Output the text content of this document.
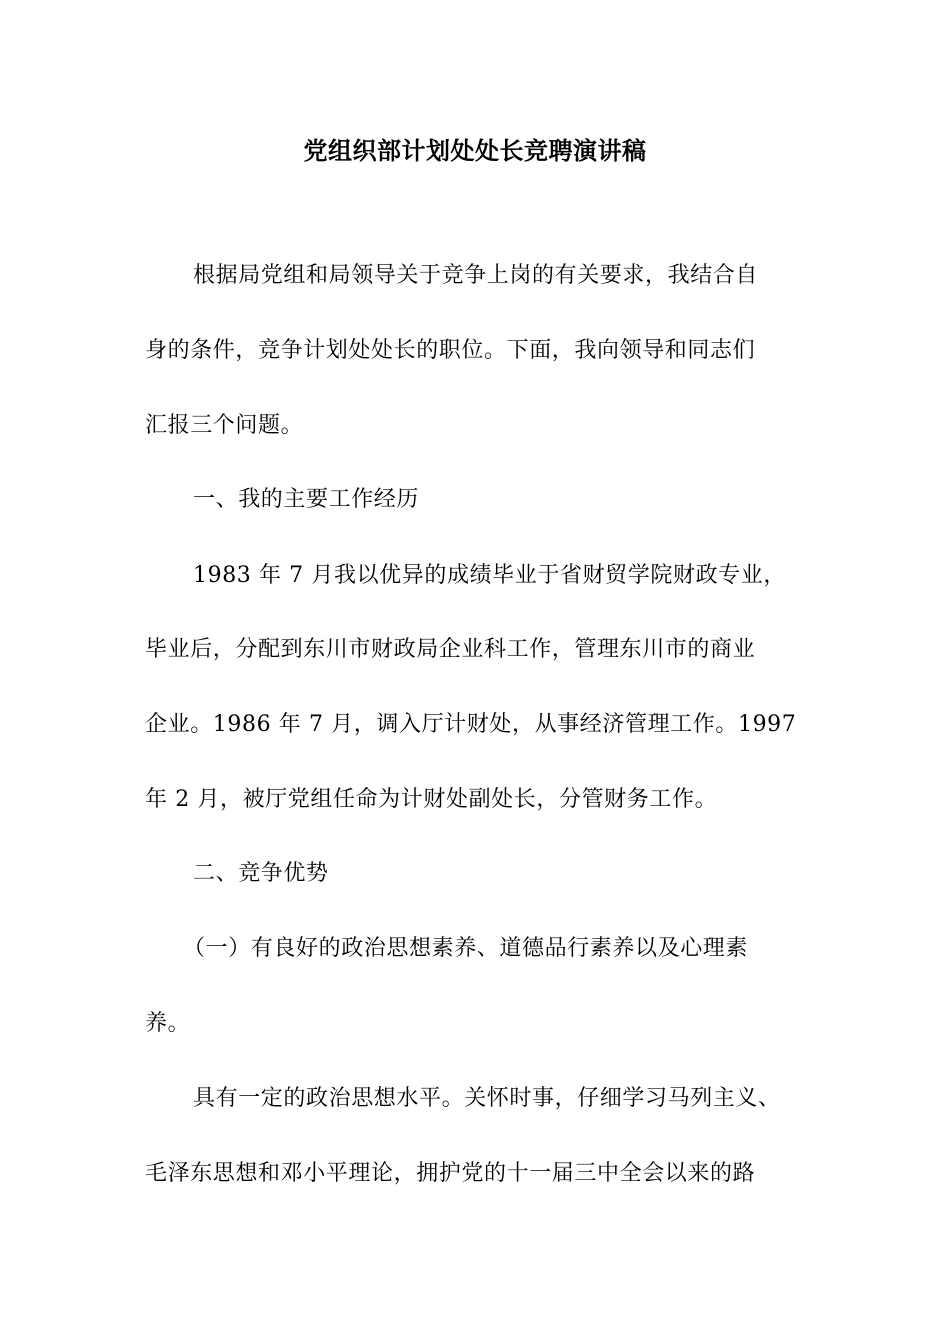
党组织部计划处处长竞聘演讲稿
根据局党组和局领导关于竞争上岗的有关要求，我结合自
身的条件，竞争计划处处长的职位。下面，我向领导和同志们
汇报三个问题。
一、我的主要工作经历
1983 年 7 月我以优异的成绩毕业于省财贸学院财政专业，
毕业后，分配到东川市财政局企业科工作，管理东川市的商业
企业。1986 年 7 月，调入厅计财处，从事经济管理工作。1997
年 2 月，被厅党组任命为计财处副处长，分管财务工作。
二、竞争优势
（一）有良好的政治思想素养、道德品行素养以及心理素
养。
具有一定的政治思想水平。关怀时事，仔细学习马列主义、
毛泽东思想和邓小平理论，拥护党的十一届三中全会以来的路
